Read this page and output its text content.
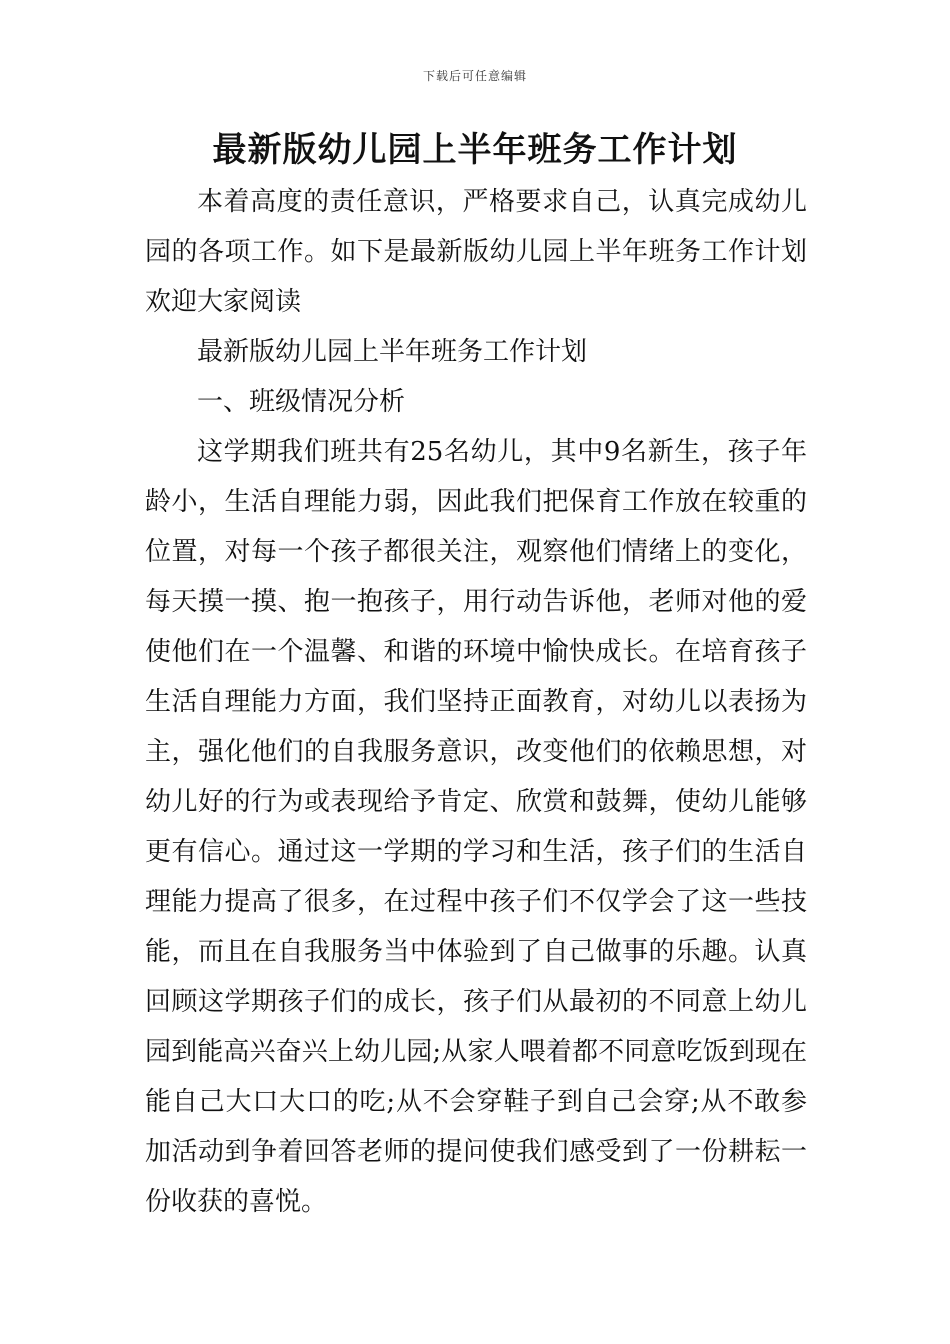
下载后可任意编辑
最新版幼儿园上半年班务工作计划

本着高度的责任意识，严格要求自己，认真完成幼儿园的各项工作。如下是最新版幼儿园上半年班务工作计划欢迎大家阅读

最新版幼儿园上半年班务工作计划

一、班级情况分析

这学期我们班共有25名幼儿，其中9名新生，孩子年龄小，生活自理能力弱，因此我们把保育工作放在较重的位置，对每一个孩子都很关注，观察他们情绪上的变化，每天摸一摸、抱一抱孩子，用行动告诉他，老师对他的爱使他们在一个温馨、和谐的环境中愉快成长。在培育孩子生活自理能力方面，我们坚持正面教育，对幼儿以表扬为主，强化他们的自我服务意识，改变他们的依赖思想，对幼儿好的行为或表现给予肯定、欣赏和鼓舞，使幼儿能够更有信心。通过这一学期的学习和生活，孩子们的生活自理能力提高了很多，在过程中孩子们不仅学会了这一些技能，而且在自我服务当中体验到了自己做事的乐趣。认真回顾这学期孩子们的成长，孩子们从最初的不同意上幼儿园到能高兴奋兴上幼儿园;从家人喂着都不同意吃饭到现在能自己大口大口的吃;从不会穿鞋子到自己会穿;从不敢参加活动到争着回答老师的提问使我们感受到了一份耕耘一份收获的喜悦。
